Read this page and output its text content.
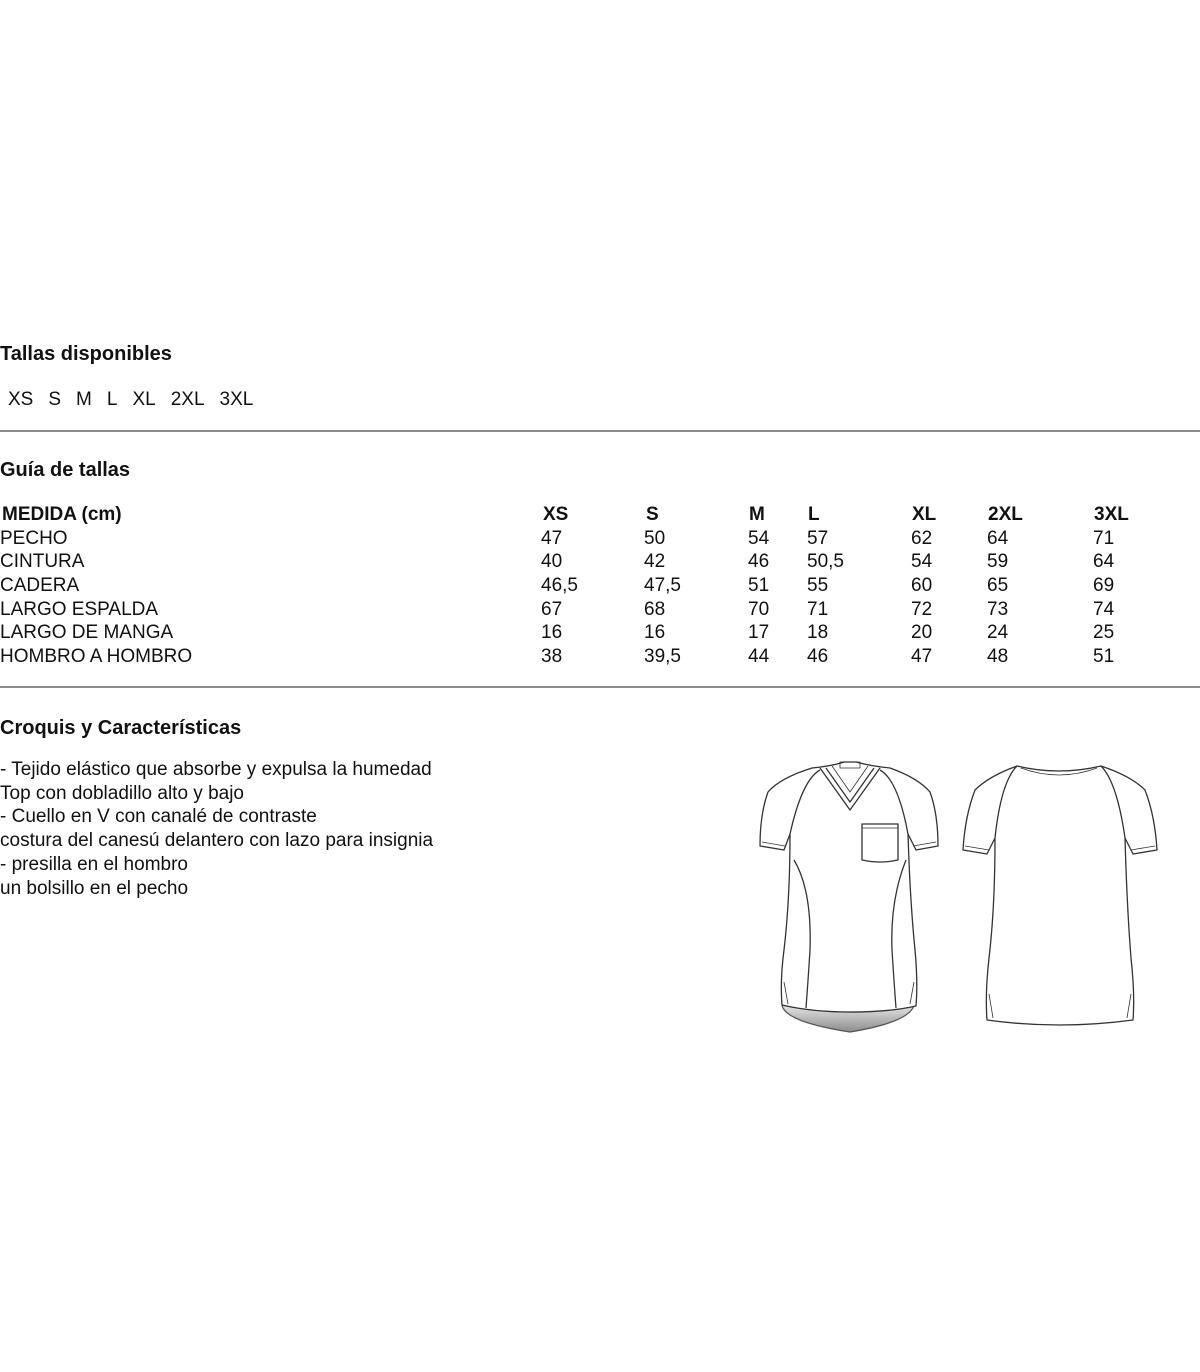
Tallas disponibles
XS S M L XL 2XL 3XL
Guía de tallas
MEDIDA (cm)	XS	S	M L	XL	2XL	3XL
PECHO	47	50	54 57	62	64	71
CINTURA	40	42	46 50,5	54	59	64
CADERA	46,5	47,5	51 55	60	65	69
LARGO ESPALDA	67	68	70 71	72	73	74
LARGO DE MANGA	16	16	17 18	20	24	25
HOMBRO A HOMBRO	38	39,5	44 46	47	48	51
Croquis y Características
- Tejido elástico que absorbe y expulsa la humedad
Top con dobladillo alto y bajo
- Cuello en V con canalé de contraste
costura del canesú delantero con lazo para insignia
- presilla en el hombro
un bolsillo en el pecho
